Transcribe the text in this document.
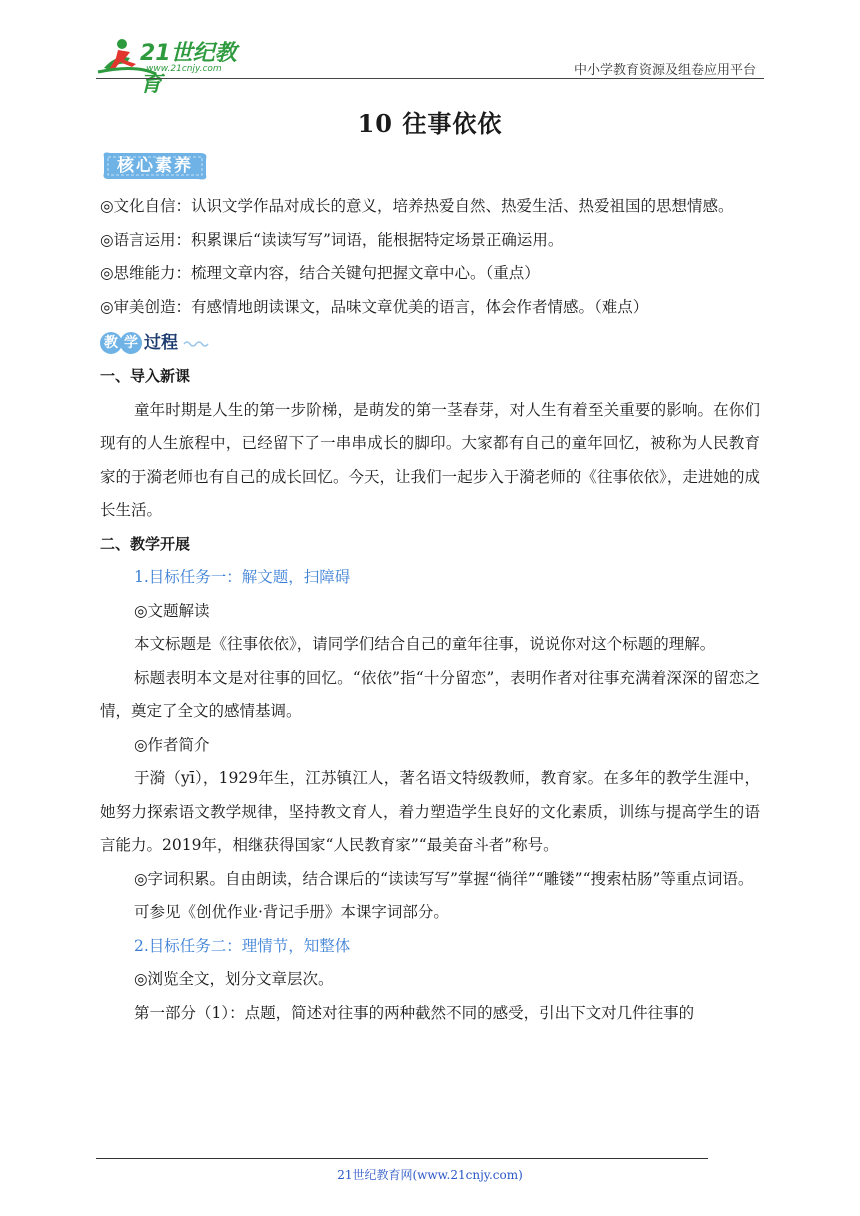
21世纪教育
www.21cnjy.com	中小学教育资源及组卷应用平台
10 往事依依
核心素养
◎文化自信： 认识文学作品对成长的意义，培养热爱自然、热爱生活、热爱祖国的思想情感。
◎语言运用： 积累课后“读读写写”词语，能根据特定场景正确运用。
◎思维能力： 梳理文章内容，结合关键句把握文章中心。（重点）
◎审美创造： 有感情地朗读课文，品味文章优美的语言，体会作者情感。（难点）
教 学 过程
一、导入新课
童年时期是人生的第一步阶梯，是萌发的第一茎春芽，对人生有着至关重要的影响。在你们现有的人生旅程中，已经留下了一串串成长的脚印。大家都有自己的童年回忆，被称为人民教育家的于漪老师也有自己的成长回忆。今天，让我们一起步入于漪老师的《往事依依》，走进她的成长生活。
二、教学开展
1.目标任务一：解文题，扫障碍
◎文题解读
本文标题是《往事依依》，请同学们结合自己的童年往事，说说你对这个标题的理解。
标题表明本文是对往事的回忆。“依依”指“十分留恋”，表明作者对往事充满着深深的留恋之情，奠定了全文的感情基调。
◎作者简介
于漪（yī），1929年生，江苏镇江人，著名语文特级教师，教育家。在多年的教学生涯中，她努力探索语文教学规律，坚持教文育人，着力塑造学生良好的文化素质，训练与提高学生的语言能力。2019年，相继获得国家“人民教育家”“最美奋斗者”称号。
◎字词积累。自由朗读，结合课后的“读读写写”掌握“徜徉”“雕镂”“搜索枯肠”等重点词语。
可参见《创优作业·背记手册》本课字词部分。
2.目标任务二：理情节，知整体
◎浏览全文，划分文章层次。
第一部分（1）：点题，简述对往事的两种截然不同的感受，引出下文对几件往事的
21世纪教育网(www.21cnjy.com)
